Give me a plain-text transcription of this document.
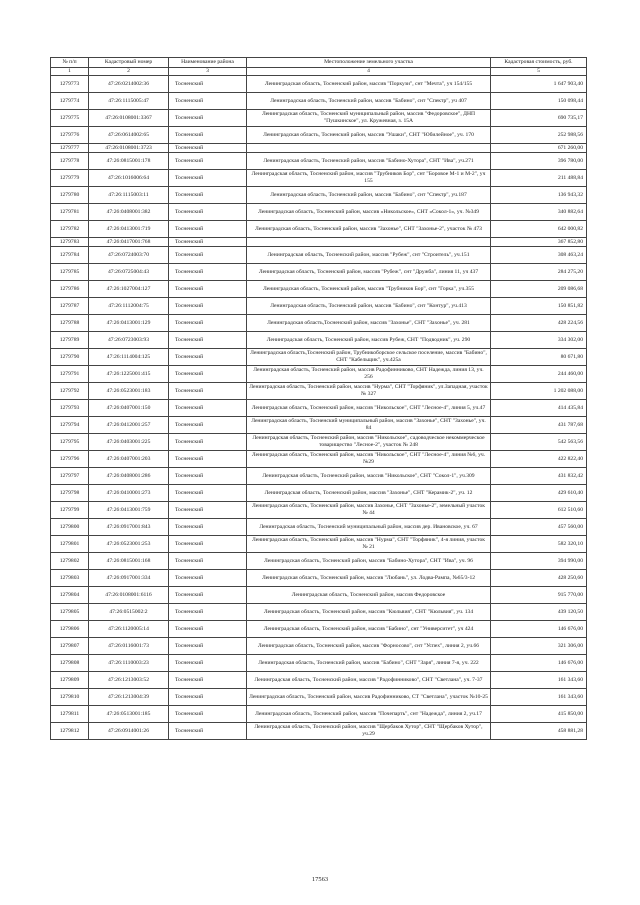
№ п/п	Кадастровый номер	Наименование района	Местоположение земельного участка	Кадастровая стоимость, руб.
1	2	3	4	5
1279773	47:26:0214002:36	Тосненский	Ленинградская область, Тосненский район, массив "Поркузи", снт "Мечта", уч 154/155	1 647 903,40
1279774	47:26:1115005:47	Тосненский	Ленинградская область, Тосненский район, массив "Бабино", снт "Спектр", уч 407	150 098,44
1279775	47:26:0108001:3367	Тосненский	Ленинградская область, Тосненский муниципальный район, массив "Федоровское", ДНП "Пушкинское", ул. Кружевная, з. 15А	690 735,17
1279776	47:26:0614002:65	Тосненский	Ленинградская область, Тосненский район, массив "Ушаки", СНТ "Юбилейное", уч. 170	252 988,56
1279777	47:26:0108001:3723	Тосненский		671 260,00
1279778	47:26:0815001:178	Тосненский	Ленинградская область, Тосненский район, массив "Бабино-Хутора", СНТ "Ива", уч.271	396 780,00
1279779	47:26:1016006:64	Тосненский	Ленинградская область, Тосненский район, массив "Трубников Бор", снт "Боровое М-1 и М-2", уч 155	211 488,84
1279780	47:26:1115003:11	Тосненский	Ленинградская область, Тосненский район, массив "Бабино", снт "Спектр", уч.187	136 943,32
1279781	47:26:0408001:382	Тосненский	Ленинградская область, Тосненский район, массив «Никольское», СНТ «Сокол-1», уч. №349	340 882,64
1279782	47:26:0413001:719	Тосненский	Ленинградская область, Тосненский район, массив "Захонье", СНТ "Захонье-2", участок № 473	642 000,82
1279783	47:26:0417001:768	Тосненский		367 852,80
1279784	47:26:0724003:70	Тосненский	Ленинградская область, Тосненский район, массив "Рубеж", снт "Строитель", уч.151	308 463,24
1279785	47:26:0725004:43	Тосненский	Ленинградская область, Тосненский район, массив "Рубеж", снт "Дружба", линия 11, уч 437	284 275,20
1279786	47:26:1027004:127	Тосненский	Ленинградская область, Тосненский район, массив "Трубников Бор", снт "Горка", уч.355	209 086,68
1279787	47:26:1112004:75	Тосненский	Ленинградская область, Тосненский район, массив "Бабино", снт "Контур", уч.413	150 851,82
1279788	47:26:0413001:129	Тосненский	Ленинградская область,Тосненский район, массив "Захонье", СНТ "Захонье", уч. 281	428 224,56
1279789	47:26:0723003:93	Тосненский	Ленинградская область, Тосненский район, массив Рубеж, СНТ "Подводник", уч. 290	334 302,00
1279790	47:26:1114004:125	Тосненский	Ленинградская область,Тосненский район, Трубникоборское сельское поселение, массив "Бабино", СНТ "Кабельщик", уч.425а	80 671,80
1279791	47:26:1225001:415	Тосненский	Ленинградская область, Тосненский район, массив Радофинниково, СНТ Надежда, линия 13, уч. 256	244 460,00
1279792	47:26:0523001:183	Тосненский	Ленинградская область, Тосненский район, массив "Нурма", СНТ "Торфяник", ул.Западная, участок № 327	1 202 088,00
1279793	47:26:0407001:150	Тосненский	Ленинградская область, Тосненский район, массив "Никольское", СНТ "Лесное-4", линия 5, уч.47	414 435,84
1279794	47:26:0412001:257	Тосненский	Ленинградская область, Тосненский муниципальный район, массив "Захонье", СНТ "Захонье", уч. 84	431 787,68
1279795	47:26:0403001:225	Тосненский	Ленинградская область, Тосненский район, массив "Никольское", садоводческое некоммерческое товарищество "Лесное-2", участок № 248	542 563,56
1279796	47:26:0407001:203	Тосненский	Ленинградская область, Тосненский район, массив "Никольское", СНТ "Лесное-4", линия №6, уч. №29	422 822,40
1279797	47:26:0408001:286	Тосненский	Ленинградская область, Тосненский район, массив "Никольское", СНТ "Сокол-1", уч.309	431 832,42
1279798	47:26:0410001:273	Тосненский	Ленинградская область, Тосненский район, массив "Захонье", СНТ "Керамик-2", уч. 12	429 610,40
1279799	47:26:0413001:759	Тосненский	Ленинградская область, Тосненский район, массив Захонье, СНТ "Захонье-2", земельный участок № 44	612 510,60
1279800	47:26:0917001:843	Тосненский	Ленинградская область, Тосненский муниципальный район, массив дер. Ивановское, уч. 67	457 560,00
1279801	47:26:0523001:253	Тосненский	Ленинградская область, Тосненский район, массив "Нурма", СНТ "Торфяник", 4-я линия, участок № 21	582 320,10
1279802	47:26:0815001:168	Тосненский	Ленинградская область, Тосненский район, массив "Бабино-Хутора", СНТ "Ива", уч. 96	394 990,00
1279803	47:26:0917001:334	Тосненский	Ленинградская область, Тосненский район, массив "Любань", ул. Лодва-Рампа, №65/3-12	428 250,60
1279804	47:26:0108001:6116	Тосненский	Ленинградская область, Тосненский район, массив Федоровское	915 770,00
1279805	47:26:0515002:2	Тосненский	Ленинградская область, Тосненский район, массив "Кюльвия", СНТ "Кюльвия", уч. 134	439 120,50
1279806	47:26:1120005:14	Тосненский	Ленинградская область, Тосненский район, массив "Бабино", снт "Университет", уч 424	146 676,00
1279807	47:26:0116001:73	Тосненский	Ленинградская область, Тосненский район, массив "Форносово", снт "Успех", линия 2, уч.66	321 306,00
1279808	47:26:1110003:23	Тосненский	Ленинградская область, Тосненский район, массив "Бабино", СНТ "Заря", линия 7-я, уч. 222	146 676,00
1279809	47:26:1213003:52	Тосненский	Ленинградская область, Тосненский район, массив "Радофинниково", СНТ "Светлана", уч. 7-37	161 343,60
1279810	47:26:1213004:39	Тосненский	Ленинградская область, Тосненский район, массив Радофинниково, СТ "Светлана", участок №10-25	161 343,60
1279811	47:26:0513001:185	Тосненский	Ленинградская область, Тосненский район, массив "Почепарть", снт "Надежда", линия 2, уч.17	415 850,00
1279812	47:26:0914001:26	Тосненский	Ленинградская область, Тосненский район, массив "Щербаков Хутор", СНТ "Щербаков Хутор", уч.29	458 881,28
17563
